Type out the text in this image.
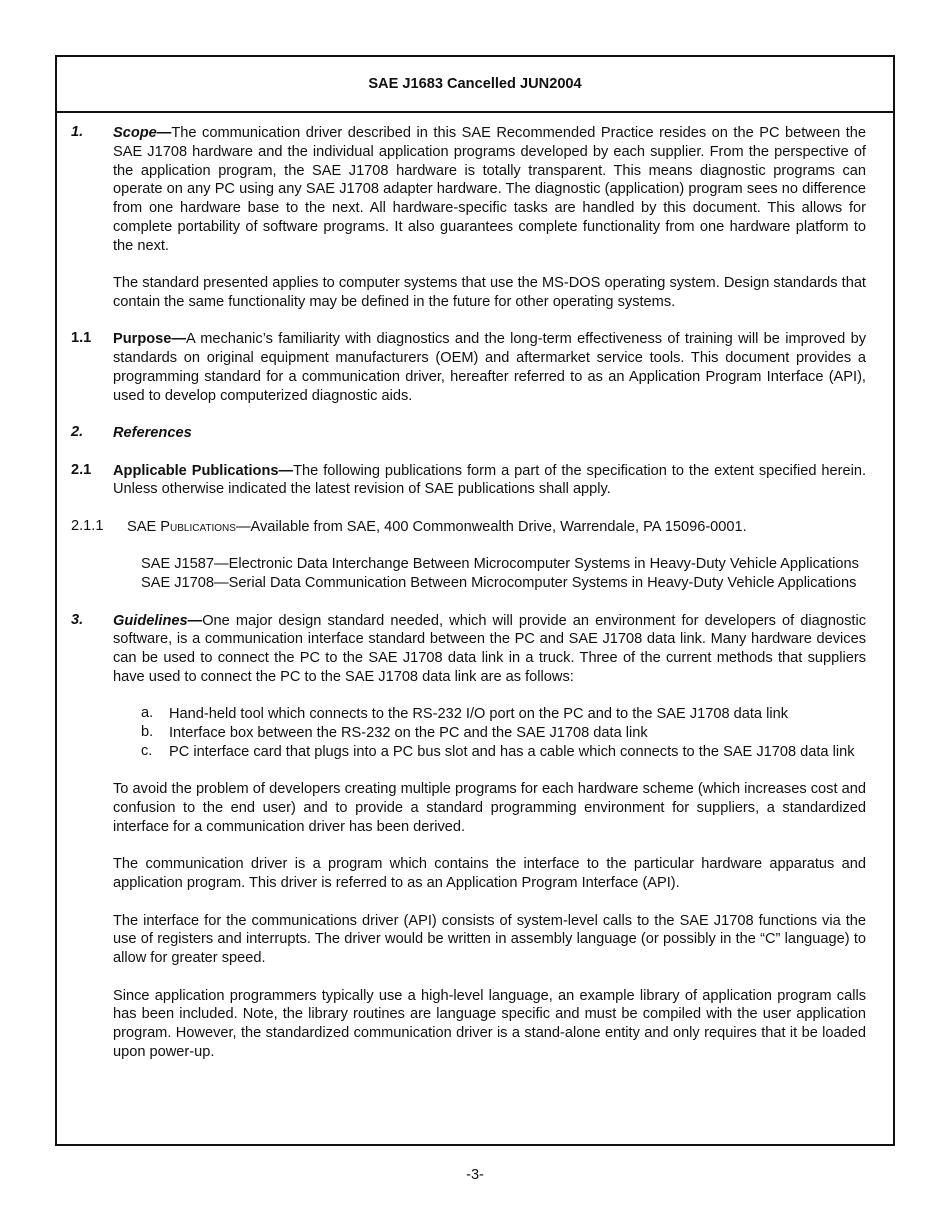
SAE J1683 Cancelled JUN2004
1.	Scope—The communication driver described in this SAE Recommended Practice resides on the PC between the SAE J1708 hardware and the individual application programs developed by each supplier. From the perspective of the application program, the SAE J1708 hardware is totally transparent. This means diagnostic programs can operate on any PC using any SAE J1708 adapter hardware. The diagnostic (application) program sees no difference from one hardware base to the next. All hardware-specific tasks are handled by this document. This allows for complete portability of software programs. It also guarantees complete functionality from one hardware platform to the next.

The standard presented applies to computer systems that use the MS-DOS operating system. Design standards that contain the same functionality may be defined in the future for other operating systems.

1.1	Purpose—A mechanic’s familiarity with diagnostics and the long-term effectiveness of training will be improved by standards on original equipment manufacturers (OEM) and aftermarket service tools. This document provides a programming standard for a communication driver, hereafter referred to as an Application Program Interface (API), used to develop computerized diagnostic aids.

2.	References

2.1	Applicable Publications—The following publications form a part of the specification to the extent specified herein. Unless otherwise indicated the latest revision of SAE publications shall apply.

2.1.1	SAE Publications—Available from SAE, 400 Commonwealth Drive, Warrendale, PA 15096-0001.

SAE J1587—Electronic Data Interchange Between Microcomputer Systems in Heavy-Duty Vehicle Applications

SAE J1708—Serial Data Communication Between Microcomputer Systems in Heavy-Duty Vehicle Applications

3.	Guidelines—One major design standard needed, which will provide an environment for developers of diagnostic software, is a communication interface standard between the PC and SAE J1708 data link. Many hardware devices can be used to connect the PC to the SAE J1708 data link in a truck. Three of the current methods that suppliers have used to connect the PC to the SAE J1708 data link are as follows:

a.	Hand-held tool which connects to the RS-232 I/O port on the PC and to the SAE J1708 data link
b.	Interface box between the RS-232 on the PC and the SAE J1708 data link
c.	PC interface card that plugs into a PC bus slot and has a cable which connects to the SAE J1708 data link

To avoid the problem of developers creating multiple programs for each hardware scheme (which increases cost and confusion to the end user) and to provide a standard programming environment for suppliers, a standardized interface for a communication driver has been derived.

The communication driver is a program which contains the interface to the particular hardware apparatus and application program. This driver is referred to as an Application Program Interface (API).

The interface for the communications driver (API) consists of system-level calls to the SAE J1708 functions via the use of registers and interrupts. The driver would be written in assembly language (or possibly in the “C” language) to allow for greater speed.

Since application programmers typically use a high-level language, an example library of application program calls has been included. Note, the library routines are language specific and must be compiled with the user application program. However, the standardized communication driver is a stand-alone entity and only requires that it be loaded upon power-up.

-3-
